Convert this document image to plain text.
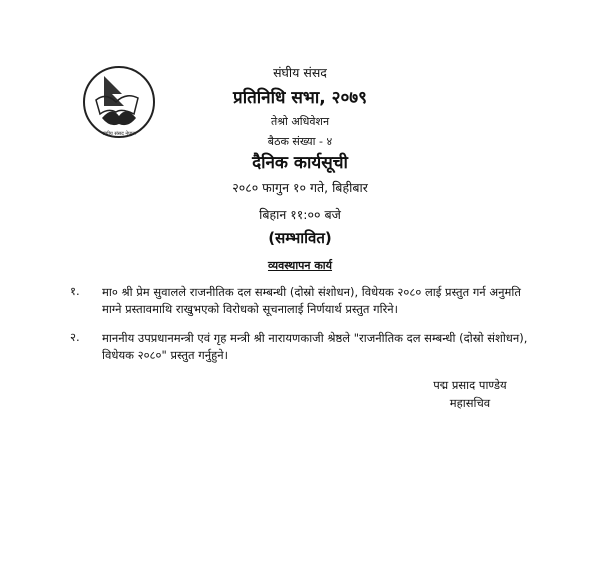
संघीय संसद नेपाल
संघीय संसद
प्रतिनिधि सभा, २०७९
तेश्रो अधिवेशन
बैठक संख्या - ४
दैनिक कार्यसूची
२०८० फागुन १० गते, बिहीबार
बिहान ११:०० बजे
(सम्भावित)
व्यवस्थापन कार्य
१. मा० श्री प्रेम सुवालले राजनीतिक दल सम्बन्धी (दोस्रो संशोधन), विधेयक २०८० लाई प्रस्तुत गर्न अनुमति माग्ने प्रस्तावमाथि राखुभएको विरोधको सूचनालाई निर्णयार्थ प्रस्तुत गरिने।
२. माननीय उपप्रधानमन्त्री एवं गृह मन्त्री श्री नारायणकाजी श्रेष्ठले "राजनीतिक दल सम्बन्धी (दोस्रो संशोधन), विधेयक २०८०" प्रस्तुत गर्नुहुने।
पद्म प्रसाद पाण्डेय
महासचिव
